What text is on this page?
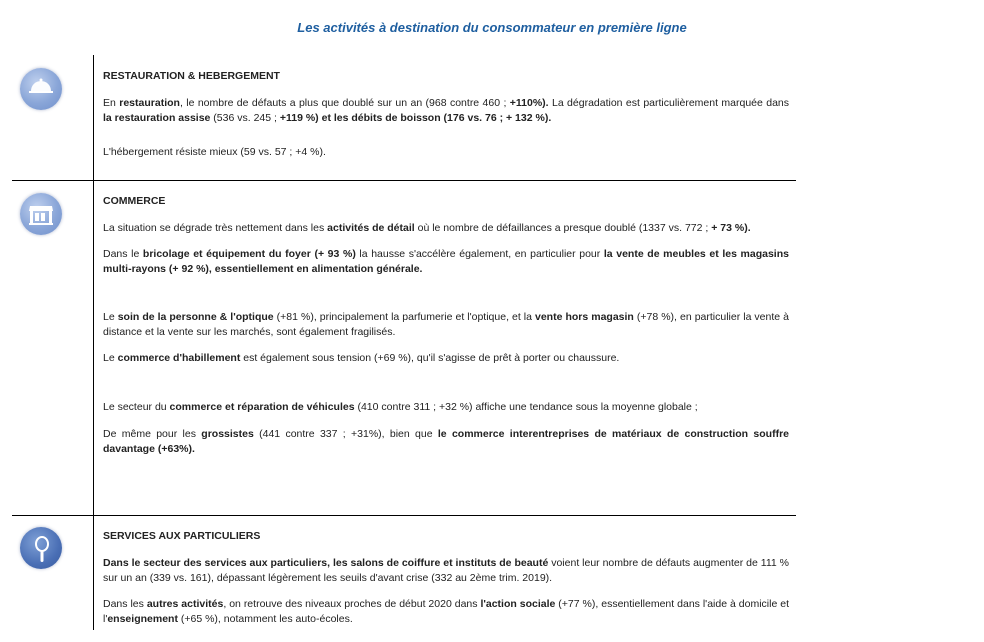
Les activités à destination du consommateur en première ligne
RESTAURATION & HEBERGEMENT

En restauration, le nombre de défauts a plus que doublé sur un an (968 contre 460 ; +110%). La dégradation est particulièrement marquée dans la restauration assise (536 vs. 245 ; +119 %) et les débits de boisson (176 vs. 76 ; + 132 %).

L'hébergement résiste mieux (59 vs. 57 ; +4 %).

COMMERCE

La situation se dégrade très nettement dans les activités de détail où le nombre de défaillances a presque doublé (1337 vs. 772 ; + 73 %).

Dans le bricolage et équipement du foyer (+ 93 %) la hausse s'accélère également, en particulier pour la vente de meubles et les magasins multi-rayons (+ 92 %), essentiellement en alimentation générale.

Le soin de la personne & l'optique (+81 %), principalement la parfumerie et l'optique, et la vente hors magasin (+78 %), en particulier la vente à distance et la vente sur les marchés, sont également fragilisés.

Le commerce d'habillement est également sous tension (+69 %), qu'il s'agisse de prêt à porter ou chaussure.

Le secteur du commerce et réparation de véhicules (410 contre 311 ; +32 %) affiche une tendance sous la moyenne globale ;

De même pour les grossistes (441 contre 337 ; +31%), bien que le commerce interentreprises de matériaux de construction souffre davantage (+63%).

SERVICES AUX PARTICULIERS

Dans le secteur des services aux particuliers, les salons de coiffure et instituts de beauté voient leur nombre de défauts augmenter de 111 % sur un an (339 vs. 161), dépassant légèrement les seuils d'avant crise (332 au 2ème trim. 2019).

Dans les autres activités, on retrouve des niveaux proches de début 2020 dans l'action sociale (+77 %), essentiellement dans l'aide à domicile et l'enseignement (+65 %), notamment les auto-écoles.
